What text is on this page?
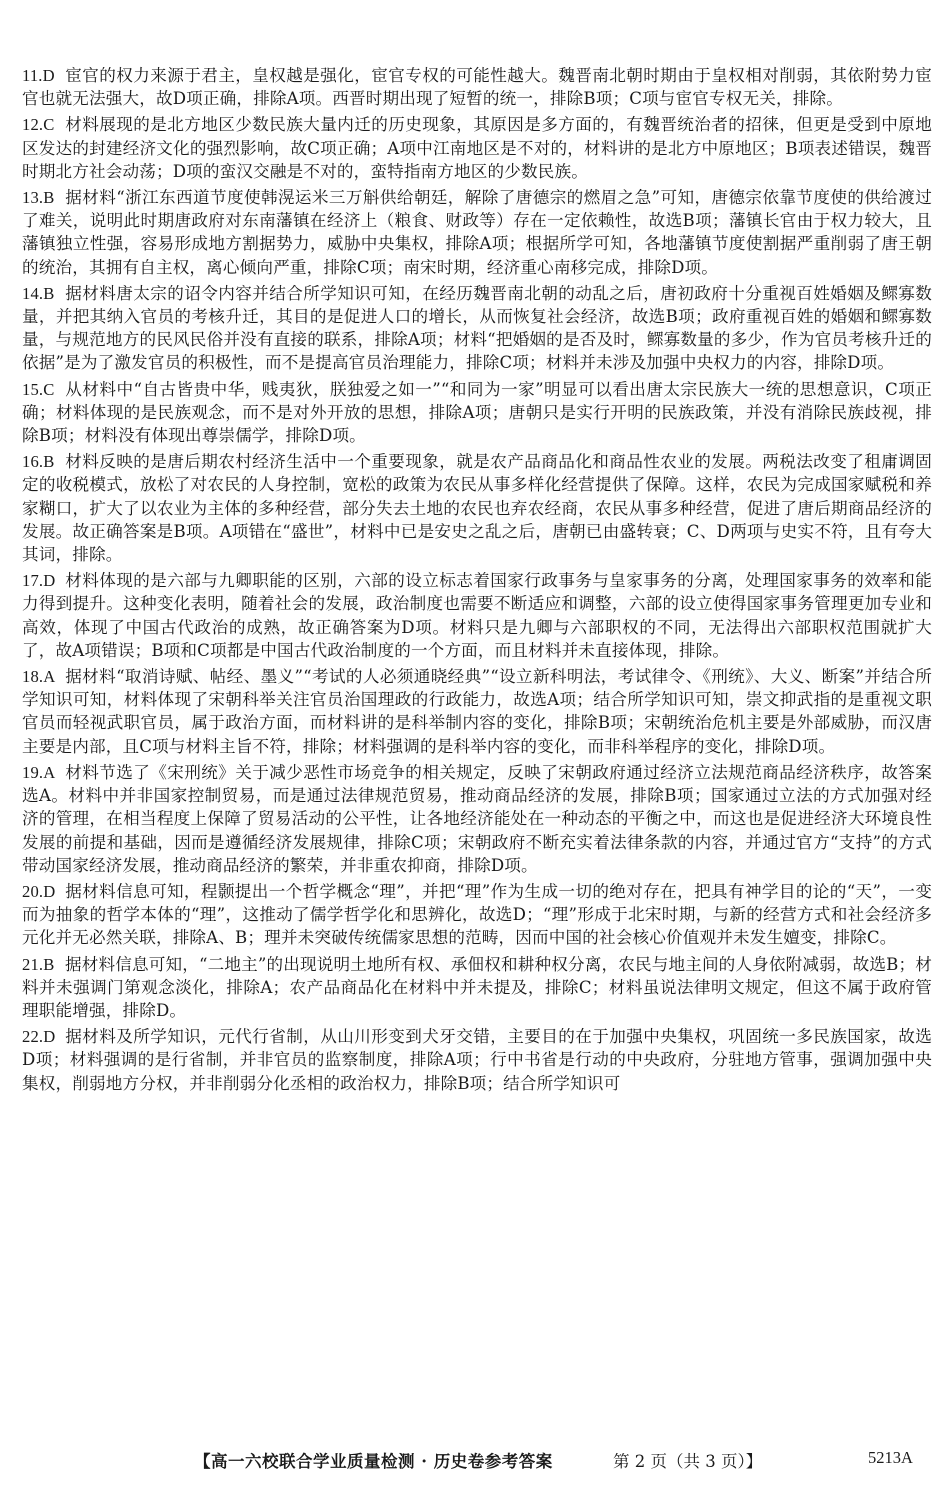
11.D 宦官的权力来源于君主，皇权越是强化，宦官专权的可能性越大。魏晋南北朝时期由于皇权相对削弱，其依附势力宦官也就无法强大，故D项正确，排除A项。西晋时期出现了短暂的统一，排除B项；C项与宦官专权无关，排除。

12.C 材料展现的是北方地区少数民族大量内迁的历史现象，其原因是多方面的，有魏晋统治者的招徕，但更是受到中原地区发达的封建经济文化的强烈影响，故C项正确；A项中江南地区是不对的，材料讲的是北方中原地区；B项表述错误，魏晋时期北方社会动荡；D项的蛮汉交融是不对的，蛮特指南方地区的少数民族。

13.B 据材料“浙江东西道节度使韩滉运米三万斛供给朝廷，解除了唐德宗的燃眉之急”可知，唐德宗依靠节度使的供给渡过了难关，说明此时期唐政府对东南藩镇在经济上（粮食、财政等）存在一定依赖性，故选B项；藩镇长官由于权力较大，且藩镇独立性强，容易形成地方割据势力，威胁中央集权，排除A项；根据所学可知，各地藩镇节度使割据严重削弱了唐王朝的统治，其拥有自主权，离心倾向严重，排除C项；南宋时期，经济重心南移完成，排除D项。

14.B 据材料唐太宗的诏令内容并结合所学知识可知，在经历魏晋南北朝的动乱之后，唐初政府十分重视百姓婚姻及鳏寡数量，并把其纳入官员的考核升迁，其目的是促进人口的增长，从而恢复社会经济，故选B项；政府重视百姓的婚姻和鳏寡数量，与规范地方的民风民俗并没有直接的联系，排除A项；材料“把婚姻的是否及时，鳏寡数量的多少，作为官员考核升迁的依据”是为了激发官员的积极性，而不是提高官员治理能力，排除C项；材料并未涉及加强中央权力的内容，排除D项。

15.C 从材料中“自古皆贵中华，贱夷狄，朕独爱之如一”“和同为一家”明显可以看出唐太宗民族大一统的思想意识，C项正确；材料体现的是民族观念，而不是对外开放的思想，排除A项；唐朝只是实行开明的民族政策，并没有消除民族歧视，排除B项；材料没有体现出尊崇儒学，排除D项。

16.B 材料反映的是唐后期农村经济生活中一个重要现象，就是农产品商品化和商品性农业的发展。两税法改变了租庸调固定的收税模式，放松了对农民的人身控制，宽松的政策为农民从事多样化经营提供了保障。这样，农民为完成国家赋税和养家糊口，扩大了以农业为主体的多种经营，部分失去土地的农民也弃农经商，农民从事多种经营，促进了唐后期商品经济的发展。故正确答案是B项。A项错在“盛世”，材料中已是安史之乱之后，唐朝已由盛转衰；C、D两项与史实不符，且有夸大其词，排除。

17.D 材料体现的是六部与九卿职能的区别，六部的设立标志着国家行政事务与皇家事务的分离，处理国家事务的效率和能力得到提升。这种变化表明，随着社会的发展，政治制度也需要不断适应和调整，六部的设立使得国家事务管理更加专业和高效，体现了中国古代政治的成熟，故正确答案为D项。材料只是九卿与六部职权的不同，无法得出六部职权范围就扩大了，故A项错误；B项和C项都是中国古代政治制度的一个方面，而且材料并未直接体现，排除。

18.A 据材料“取消诗赋、帖经、墨义”“考试的人必须通晓经典”“设立新科明法，考试律令、《刑统》、大义、断案”并结合所学知识可知，材料体现了宋朝科举关注官员治国理政的行政能力，故选A项；结合所学知识可知，崇文抑武指的是重视文职官员而轻视武职官员，属于政治方面，而材料讲的是科举制内容的变化，排除B项；宋朝统治危机主要是外部威胁，而汉唐主要是内部，且C项与材料主旨不符，排除；材料强调的是科举内容的变化，而非科举程序的变化，排除D项。

19.A 材料节选了《宋刑统》关于减少恶性市场竞争的相关规定，反映了宋朝政府通过经济立法规范商品经济秩序，故答案选A。材料中并非国家控制贸易，而是通过法律规范贸易，推动商品经济的发展，排除B项；国家通过立法的方式加强对经济的管理，在相当程度上保障了贸易活动的公平性，让各地经济能处在一种动态的平衡之中，而这也是促进经济大环境良性发展的前提和基础，因而是遵循经济发展规律，排除C项；宋朝政府不断充实着法律条款的内容，并通过官方“支持”的方式带动国家经济发展，推动商品经济的繁荣，并非重农抑商，排除D项。

20.D 据材料信息可知，程颢提出一个哲学概念“理”，并把“理”作为生成一切的绝对存在，把具有神学目的论的“天”，一变而为抽象的哲学本体的“理”，这推动了儒学哲学化和思辨化，故选D；“理”形成于北宋时期，与新的经营方式和社会经济多元化并无必然关联，排除A、B；理并未突破传统儒家思想的范畴，因而中国的社会核心价值观并未发生嬗变，排除C。

21.B 据材料信息可知，“二地主”的出现说明土地所有权、承佃权和耕种权分离，农民与地主间的人身依附减弱，故选B；材料并未强调门第观念淡化，排除A；农产品商品化在材料中并未提及，排除C；材料虽说法律明文规定，但这不属于政府管理职能增强，排除D。

22.D 据材料及所学知识，元代行省制，从山川形变到犬牙交错，主要目的在于加强中央集权，巩固统一多民族国家，故选D项；材料强调的是行省制，并非官员的监察制度，排除A项；行中书省是行动的中央政府，分驻地方管事，强调加强中央集权，削弱地方分权，并非削弱分化丞相的政治权力，排除B项；结合所学知识可

【高一六校联合学业质量检测 · 历史卷参考答案	第 2 页（共 3 页）】	5213A
